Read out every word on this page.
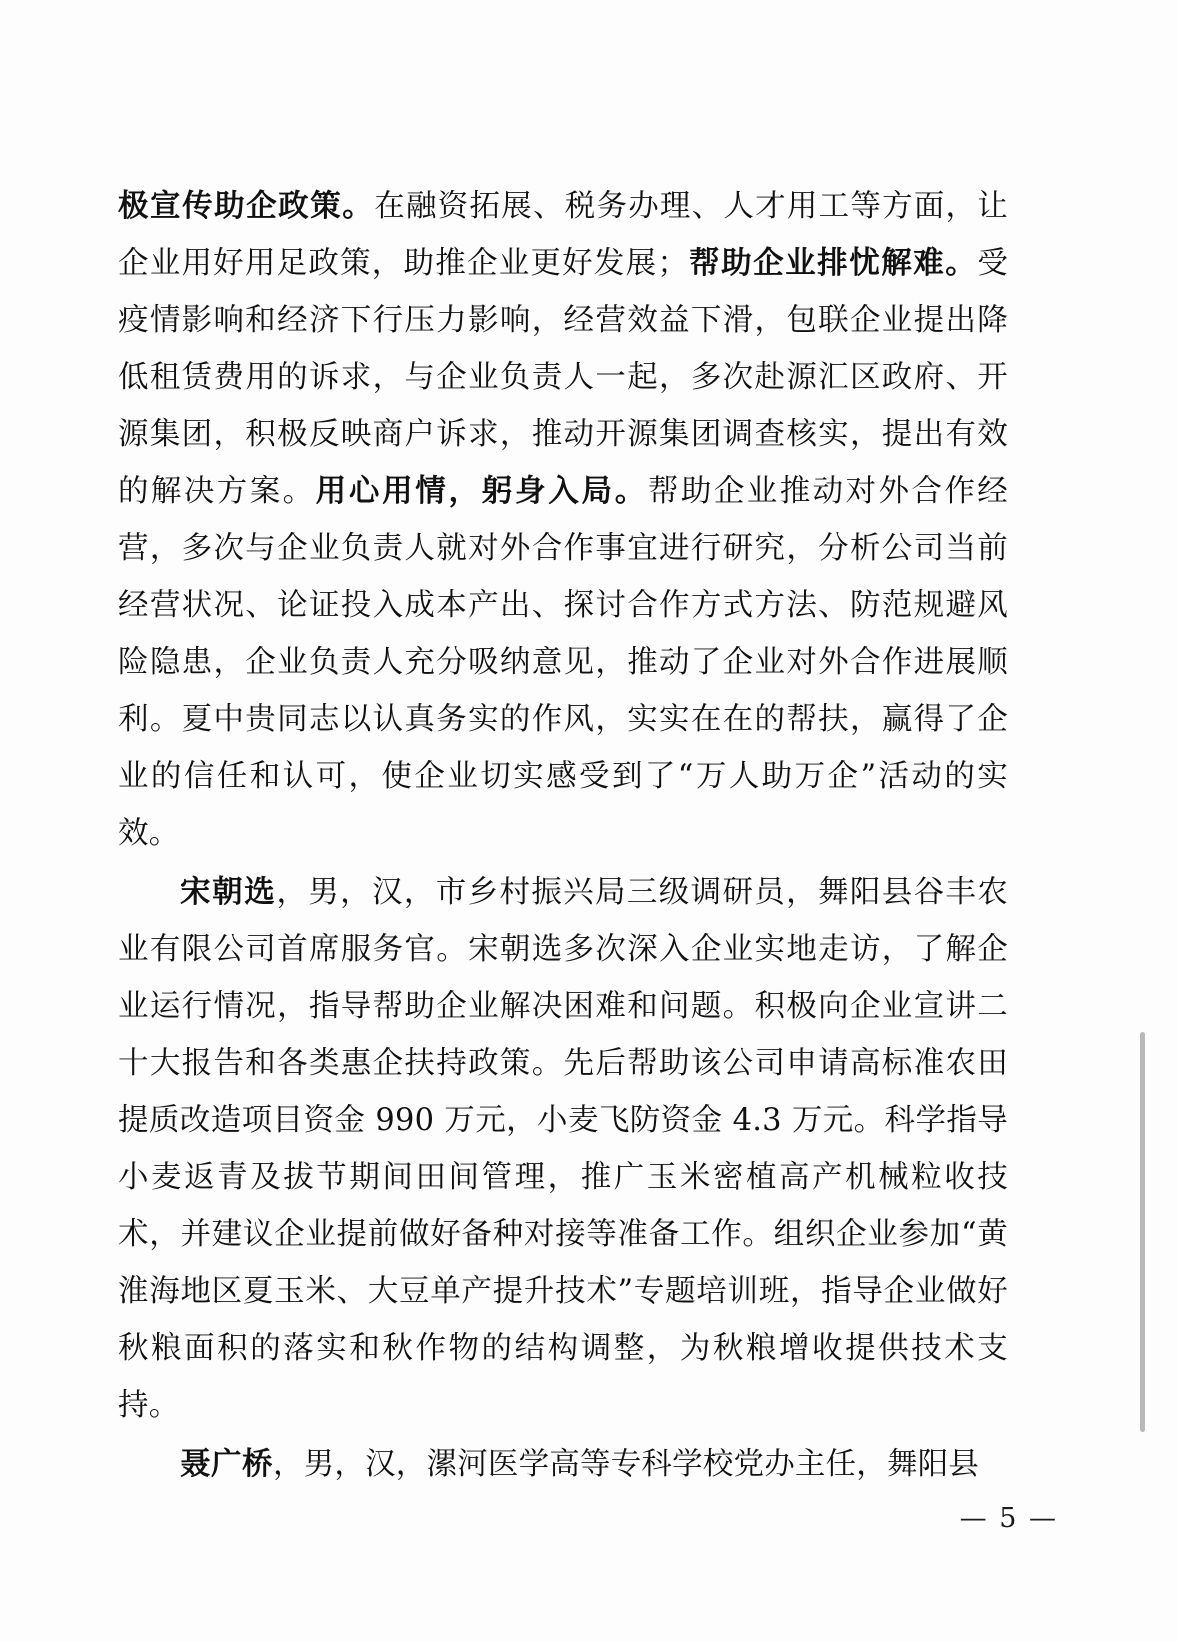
极宣传助企政策。在融资拓展、税务办理、人才用工等方面，让企业用好用足政策，助推企业更好发展；帮助企业排忧解难。受疫情影响和经济下行压力影响，经营效益下滑，包联企业提出降低租赁费用的诉求，与企业负责人一起，多次赴源汇区政府、开源集团，积极反映商户诉求，推动开源集团调查核实，提出有效的解决方案。用心用情，躬身入局。帮助企业推动对外合作经营，多次与企业负责人就对外合作事宜进行研究，分析公司当前经营状况、论证投入成本产出、探讨合作方式方法、防范规避风险隐患，企业负责人充分吸纳意见，推动了企业对外合作进展顺利。夏中贵同志以认真务实的作风，实实在在的帮扶，赢得了企业的信任和认可，使企业切实感受到了“万人助万企”活动的实效。

宋朝选，男，汉，市乡村振兴局三级调研员，舞阳县谷丰农业有限公司首席服务官。宋朝选多次深入企业实地走访，了解企业运行情况，指导帮助企业解决困难和问题。积极向企业宣讲二十大报告和各类惠企扶持政策。先后帮助该公司申请高标准农田提质改造项目资金 990 万元，小麦飞防资金 4.3 万元。科学指导小麦返青及拔节期间田间管理，推广玉米密植高产机械粒收技术，并建议企业提前做好备种对接等准备工作。组织企业参加“黄淮海地区夏玉米、大豆单产提升技术”专题培训班，指导企业做好秋粮面积的落实和秋作物的结构调整，为秋粮增收提供技术支持。

聂广桥，男，汉，漯河医学高等专科学校党办主任，舞阳县

— 5 —
